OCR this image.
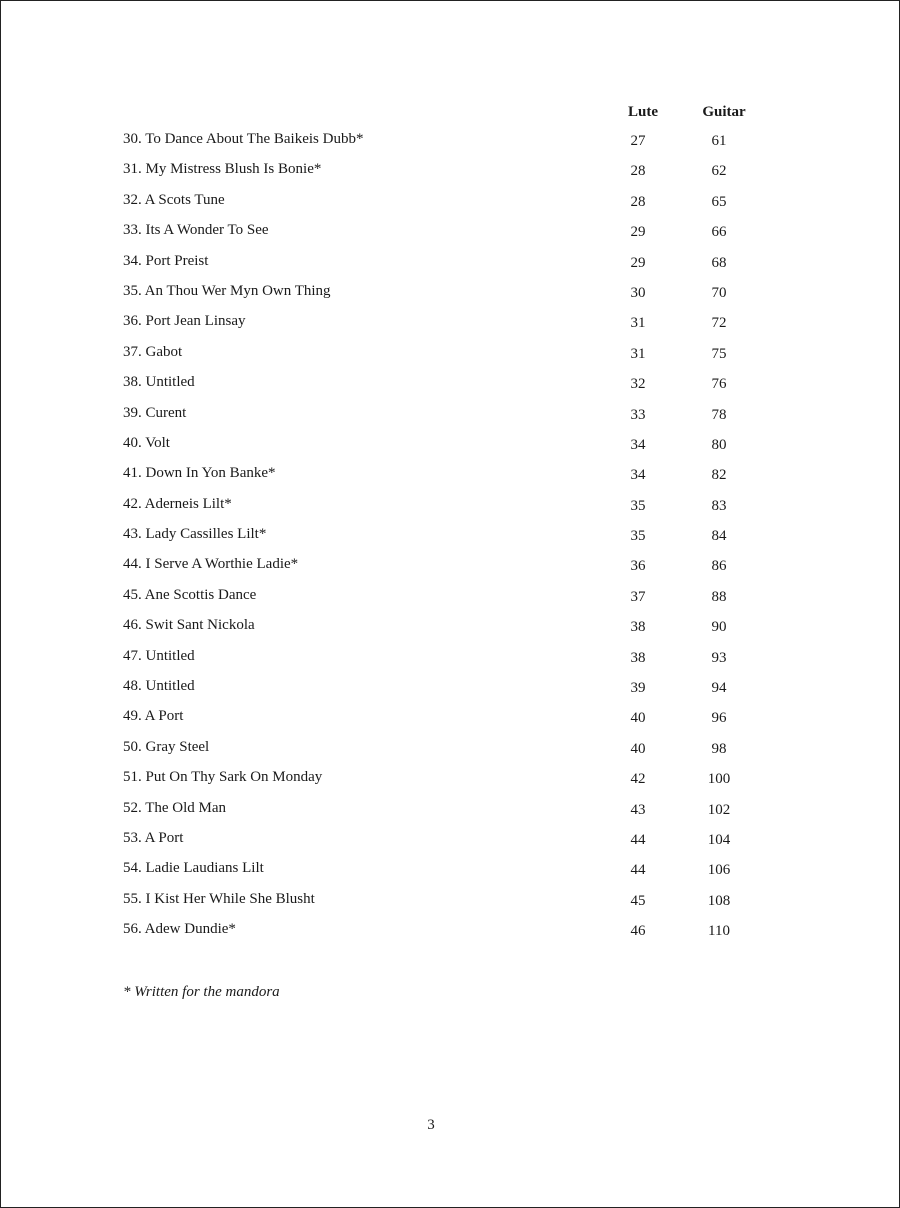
Lute	Guitar
30. To Dance About The Baikeis Dubb*	27	61
31. My Mistress Blush Is Bonie*	28	62
32. A Scots Tune	28	65
33. Its A Wonder To See	29	66
34. Port Preist	29	68
35. An Thou Wer Myn Own Thing	30	70
36. Port Jean Linsay	31	72
37. Gabot	31	75
38. Untitled	32	76
39. Curent	33	78
40. Volt	34	80
41. Down In Yon Banke*	34	82
42. Aderneis Lilt*	35	83
43. Lady Cassilles Lilt*	35	84
44. I Serve A Worthie Ladie*	36	86
45. Ane Scottis Dance	37	88
46. Swit Sant Nickola	38	90
47. Untitled	38	93
48. Untitled	39	94
49. A Port	40	96
50. Gray Steel	40	98
51. Put On Thy Sark On Monday	42	100
52. The Old Man	43	102
53. A Port	44	104
54. Ladie Laudians Lilt	44	106
55. I Kist Her While She Blusht	45	108
56. Adew Dundie*	46	110
* Written for the mandora
3
